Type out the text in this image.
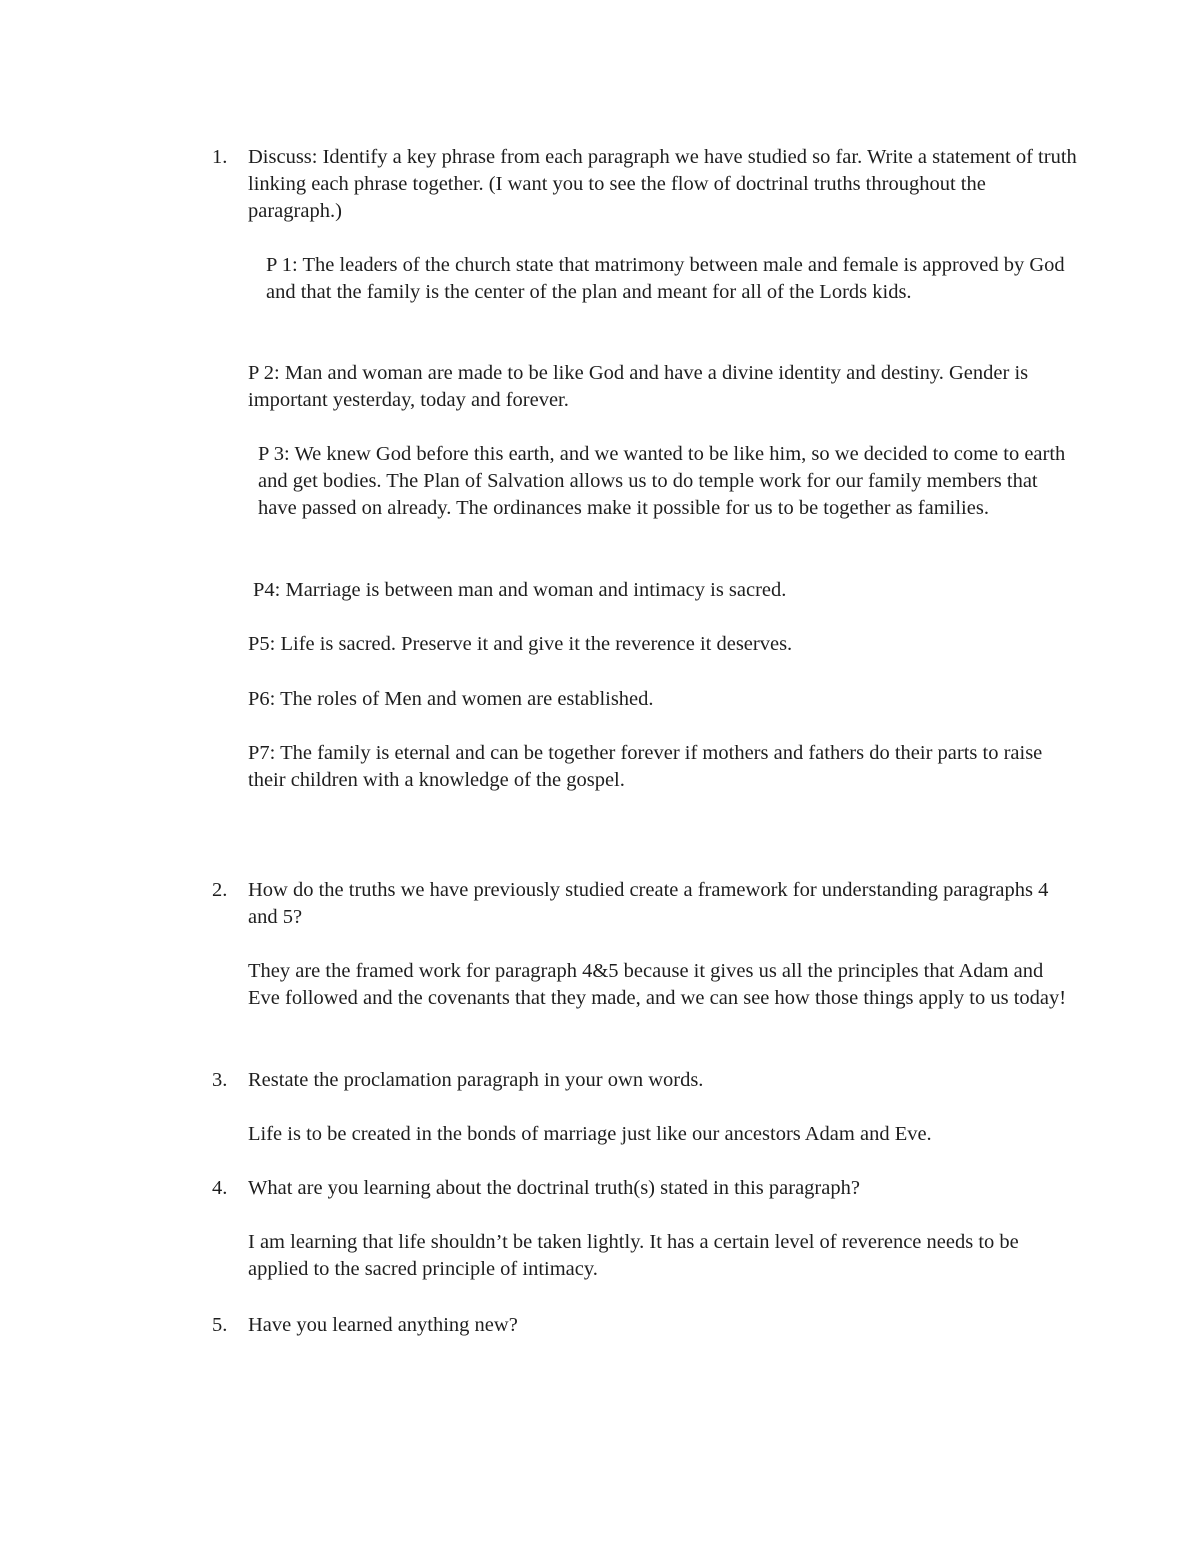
1.	Discuss: Identify a key phrase from each paragraph we have studied so far. Write a statement of truth linking each phrase together. (I want you to see the flow of doctrinal truths throughout the paragraph.)
P 1: The leaders of the church state that matrimony between male and female is approved by God and that the family is the center of the plan and meant for all of the Lords kids.
P 2: Man and woman are made to be like God and have a divine identity and destiny. Gender is important yesterday, today and forever.
P 3: We knew God before this earth, and we wanted to be like him, so we decided to come to earth and get bodies. The Plan of Salvation allows us to do temple work for our family members that have passed on already. The ordinances make it possible for us to be together as families.
P4: Marriage is between man and woman and intimacy is sacred.
P5: Life is sacred. Preserve it and give it the reverence it deserves.
P6: The roles of Men and women are established.
P7: The family is eternal and can be together forever if mothers and fathers do their parts to raise their children with a knowledge of the gospel.
2.	How do the truths we have previously studied create a framework for understanding paragraphs 4 and 5?
They are the framed work for paragraph 4&5 because it gives us all the principles that Adam and Eve followed and the covenants that they made, and we can see how those things apply to us today!
3.	Restate the proclamation paragraph in your own words.
Life is to be created in the bonds of marriage just like our ancestors Adam and Eve.
4.	What are you learning about the doctrinal truth(s) stated in this paragraph?
I am learning that life shouldn’t be taken lightly. It has a certain level of reverence needs to be applied to the sacred principle of intimacy.
5.	Have you learned anything new?
